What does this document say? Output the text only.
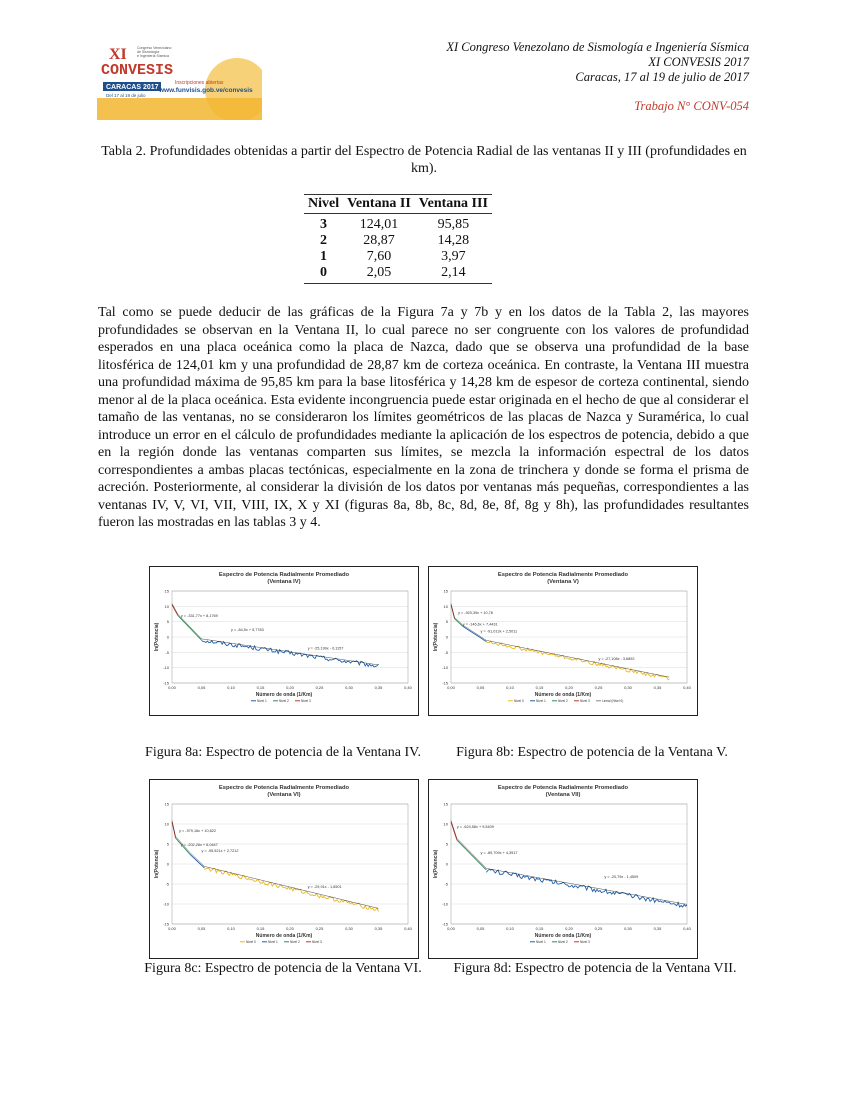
XI	Congreso Venezolano
de Sismología
e Ingeniería Sísmica
CONVESIS
Inscripciones abiertas
CARACAS 2017
Del 17 al 19 de julio
www.funvisis.gob.ve/convesis
XI Congreso Venezolano de Sismología e Ingeniería Sísmica
XI CONVESIS 2017
Caracas, 17 al 19 de julio de 2017
Trabajo N° CONV-054
Tabla 2. Profundidades obtenidas a partir del Espectro de Potencia Radial de las ventanas II y III (profundidades en km).
Nivel	Ventana II	Ventana III
3	124,01	95,85
2	28,87	14,28
1	7,60	3,97
0	2,05	2,14
Tal como se puede deducir de las gráficas de la Figura 7a y 7b y en los datos de la Tabla 2, las mayores profundidades se observan en la Ventana II, lo cual parece no ser congruente con los valores de profundidad esperados en una placa oceánica como la placa de Nazca, dado que se observa una profundidad de la base litosférica de 124,01 km y una profundidad de 28,87 km de corteza oceánica. En contraste, la Ventana III muestra una profundidad máxima de 95,85 km para la base litosférica y 14,28 km de espesor de corteza continental, siendo menor al de la placa oceánica. Esta evidente incongruencia puede estar originada en el hecho de que al considerar el tamaño de las ventanas, no se consideraron los límites geométricos de las placas de Nazca y Suramérica, lo cual introduce un error en el cálculo de profundidades mediante la aplicación de los espectros de potencia, debido a que en la región donde las ventanas comparten sus límites, se mezcla la información espectral de los datos correspondientes a ambas placas tectónicas, especialmente en la zona de trinchera y donde se forma el prisma de acreción. Posteriormente, al considerar la división de los datos por ventanas más pequeñas, correspondientes a las ventanas IV, V, VI, VII, VIII, IX, X y XI (figuras 8a, 8b, 8c, 8d, 8e, 8f, 8g y 8h), las profundidades resultantes fueron las mostradas en las tablas 3 y 4.
Espectro de Potencia Radialmente Promediado
(Ventana IV)
15
10
5
0
-5
-10
-15
0,00	0,05	0,10	0,15	0,20	0,25	0,30	0,35	0,40
Número de onda (1/Km)
ln(Potencia)
y = -331,77x + 8,1769
y = -84,5x + 5,7783
y = -25,199x - 0,1157
Nivel 1	Nivel 2	Nivel 3
Figura 8a: Espectro de potencia de la Ventana IV.
Espectro de Potencia Radialmente Promediado
(Ventana V)
15
10
5
0
-5
-10
-15
0,00	0,05	0,10	0,15	0,20	0,25	0,30	0,35	0,40
Número de onda (1/Km)
ln(Potencia)
y = -920,39x + 10,78
y = -146,6x + 7,4431
y = -91,013x + 2,5011
y = -27,108x - 3,6892
Nivel 0	Nivel 1	Nivel 2	Nivel 3	Lineal (Nivel 0)
Figura 8b: Espectro de potencia de la Ventana V.
Espectro de Potencia Radialmente Promediado
(Ventana VI)
15
10
5
0
-5
-10
-15
0,00	0,05	0,10	0,15	0,20	0,25	0,30	0,35	0,40
Número de onda (1/Km)
ln(Potencia)
y = -979,16x + 10,822
y = -202,26x + 6,0447
y = -95,521x + 2,7212
y = -29,91x - 1,6501
Nivel 0	Nivel 1	Nivel 2	Nivel 3
Figura 8c: Espectro de potencia de la Ventana VI.
Espectro de Potencia Radialmente Promediado
(Ventana VII)
15
10
5
0
-5
-10
-15
0,00	0,05	0,10	0,15	0,20	0,25	0,30	0,35	0,40
Número de onda (1/Km)
ln(Potencia)
y = -624,58x + 9,5409
y = -89,709x + 4,3917
y = -20,79x - 1,4509
Nivel 1	Nivel 2	Nivel 3
Figura 8d: Espectro de potencia de la Ventana VII.
